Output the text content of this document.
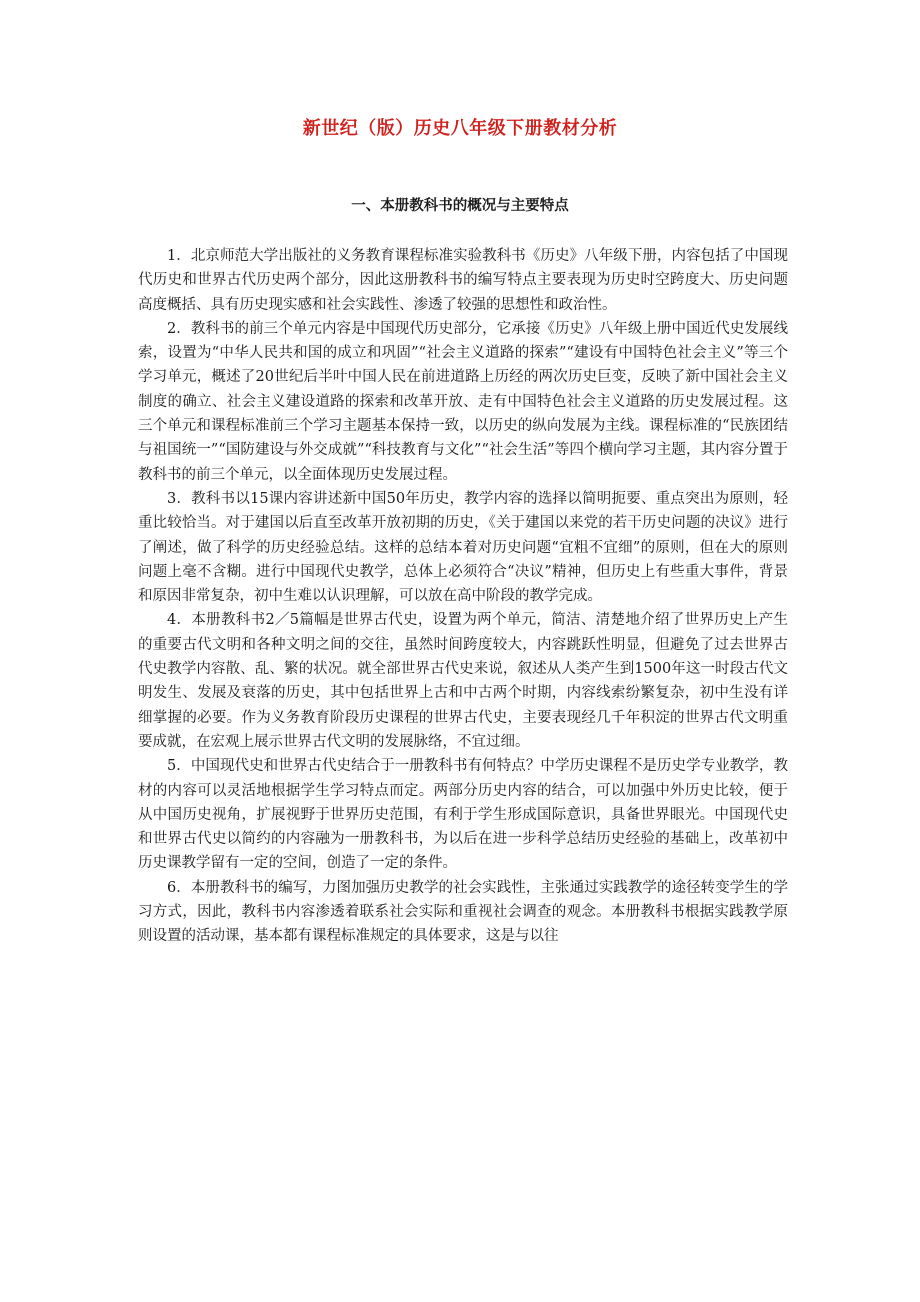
新世纪（版）历史八年级下册教材分析
一、本册教科书的概况与主要特点

1．北京师范大学出版社的义务教育课程标准实验教科书《历史》八年级下册，内容包括了中国现代历史和世界古代历史两个部分，因此这册教科书的编写特点主要表现为历史时空跨度大、历史问题高度概括、具有历史现实感和社会实践性、渗透了较强的思想性和政治性。

2．教科书的前三个单元内容是中国现代历史部分，它承接《历史》八年级上册中国近代史发展线索，设置为“中华人民共和国的成立和巩固”“社会主义道路的探索”“建设有中国特色社会主义”等三个学习单元，概述了20世纪后半叶中国人民在前进道路上历经的两次历史巨变，反映了新中国社会主义制度的确立、社会主义建设道路的探索和改革开放、走有中国特色社会主义道路的历史发展过程。这三个单元和课程标准前三个学习主题基本保持一致，以历史的纵向发展为主线。课程标准的“民族团结与祖国统一”“国防建设与外交成就”“科技教育与文化”“社会生活”等四个横向学习主题，其内容分置于教科书的前三个单元，以全面体现历史发展过程。

3．教科书以15课内容讲述新中国50年历史，教学内容的选择以简明扼要、重点突出为原则，轻重比较恰当。对于建国以后直至改革开放初期的历史，《关于建国以来党的若干历史问题的决议》进行了阐述，做了科学的历史经验总结。这样的总结本着对历史问题“宜粗不宜细”的原则，但在大的原则问题上毫不含糊。进行中国现代史教学，总体上必须符合“决议”精神，但历史上有些重大事件，背景和原因非常复杂，初中生难以认识理解，可以放在高中阶段的教学完成。

4．本册教科书2／5篇幅是世界古代史，设置为两个单元，简洁、清楚地介绍了世界历史上产生的重要古代文明和各种文明之间的交往，虽然时间跨度较大，内容跳跃性明显，但避免了过去世界古代史教学内容散、乱、繁的状况。就全部世界古代史来说，叙述从人类产生到1500年这一时段古代文明发生、发展及衰落的历史，其中包括世界上古和中古两个时期，内容线索纷繁复杂，初中生没有详细掌握的必要。作为义务教育阶段历史课程的世界古代史，主要表现经几千年积淀的世界古代文明重要成就，在宏观上展示世界古代文明的发展脉络，不宜过细。

5．中国现代史和世界古代史结合于一册教科书有何特点？中学历史课程不是历史学专业教学，教材的内容可以灵活地根据学生学习特点而定。两部分历史内容的结合，可以加强中外历史比较，便于从中国历史视角，扩展视野于世界历史范围，有利于学生形成国际意识，具备世界眼光。中国现代史和世界古代史以简约的内容融为一册教科书，为以后在进一步科学总结历史经验的基础上，改革初中历史课教学留有一定的空间，创造了一定的条件。

6．本册教科书的编写，力图加强历史教学的社会实践性，主张通过实践教学的途径转变学生的学习方式，因此，教科书内容渗透着联系社会实际和重视社会调查的观念。本册教科书根据实践教学原则设置的活动课，基本都有课程标准规定的具体要求，这是与以往
